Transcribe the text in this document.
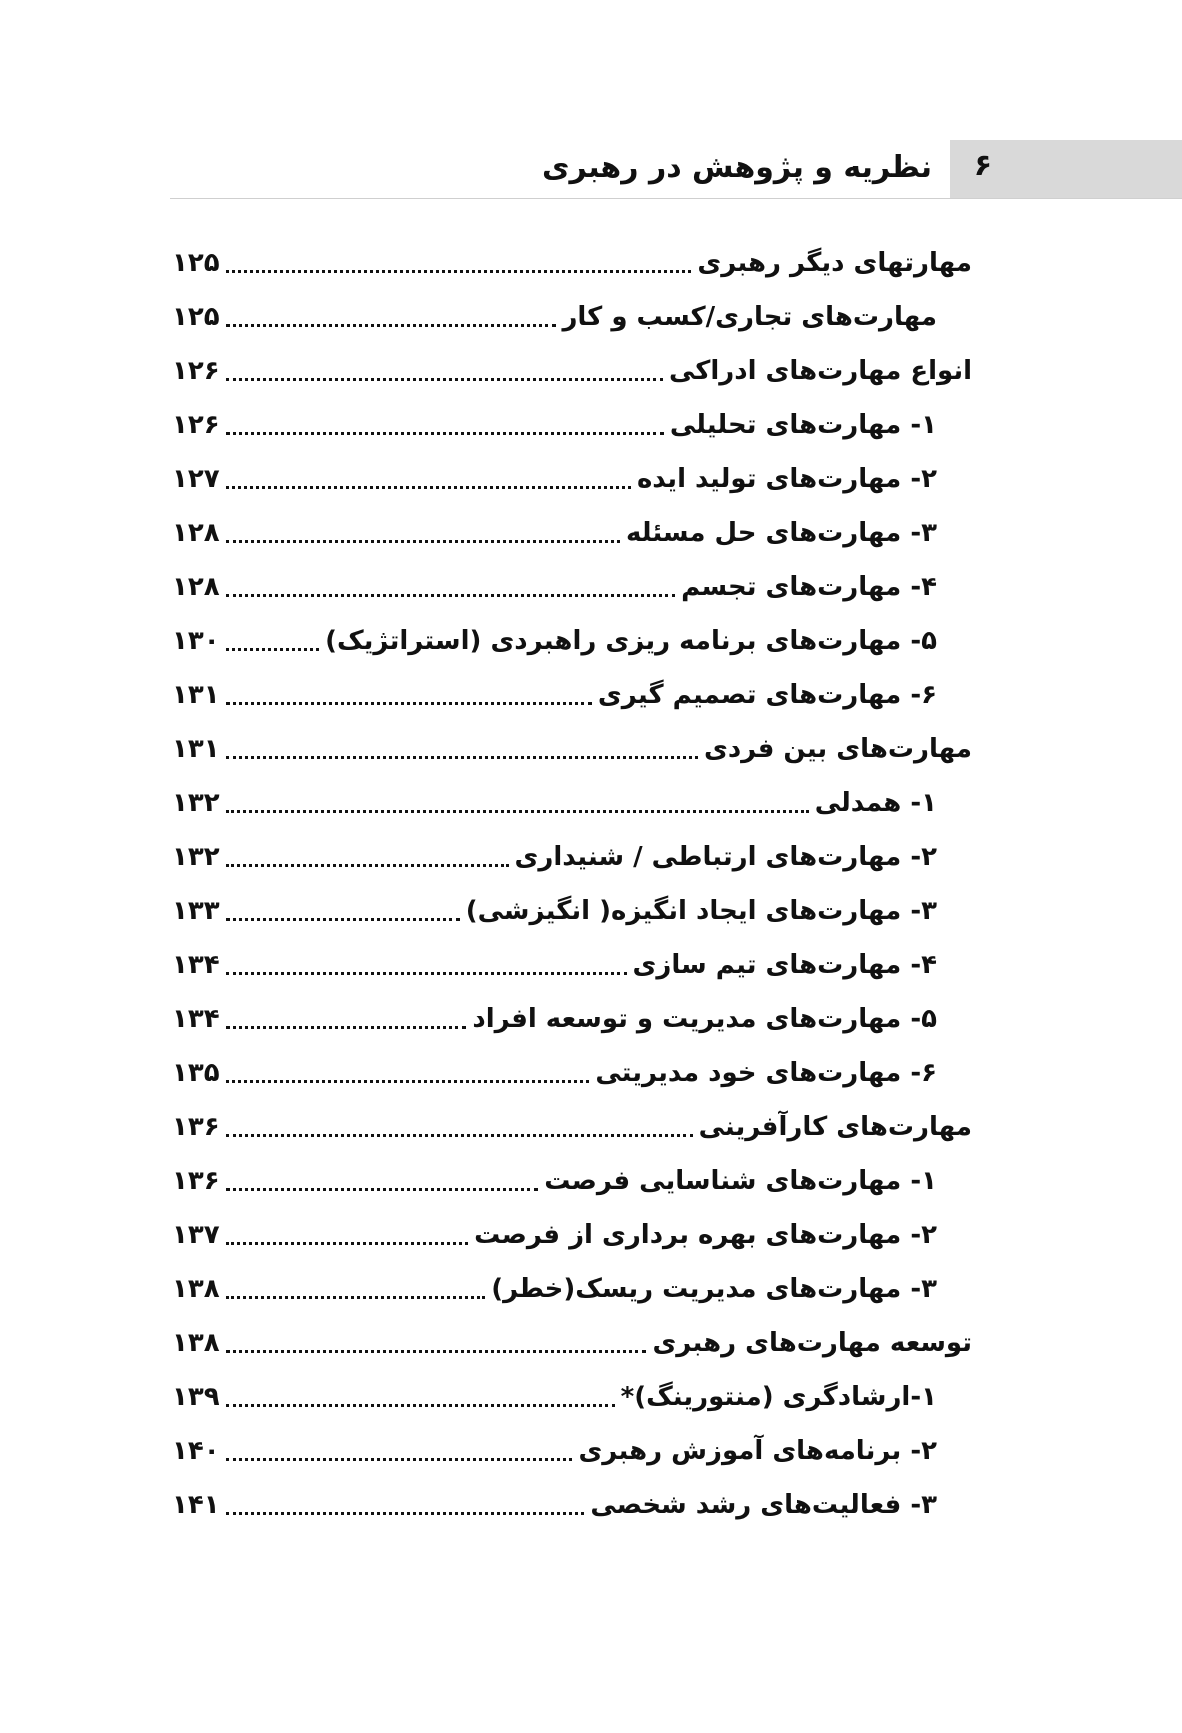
۶
نظریه و پژوهش در رهبری
مهارتهای دیگر رهبری
۱۲۵
مهارت‌های تجاری/کسب و کار
۱۲۵
انواع مهارت‌های ادراکی
۱۲۶
۱- مهارت‌های تحلیلی
۱۲۶
۲- مهارت‌های تولید ایده
۱۲۷
۳- مهارت‌های حل مسئله
۱۲۸
۴- مهارت‌های تجسم
۱۲۸
۵- مهارت‌های برنامه ریزی راهبردی (استراتژیک)
۱۳۰
۶- مهارت‌های تصمیم گیری
۱۳۱
مهارت‌های بین فردی
۱۳۱
۱- همدلی
۱۳۲
۲- مهارت‌های ارتباطی / شنیداری
۱۳۲
۳- مهارت‌های ایجاد انگیزه( انگیزشی)
۱۳۳
۴- مهارت‌های تیم سازی
۱۳۴
۵- مهارت‌های مدیریت و توسعه افراد
۱۳۴
۶- مهارت‌های خود مدیریتی
۱۳۵
مهارت‌های کارآفرینی
۱۳۶
۱- مهارت‌های شناسایی فرصت
۱۳۶
۲- مهارت‌های بهره برداری از فرصت
۱۳۷
۳- مهارت‌های مدیریت ریسک(خطر)
۱۳۸
توسعه مهارت‌های رهبری
۱۳۸
۱-ارشادگری (منتورینگ)*
۱۳۹
۲- برنامه‌های آموزش رهبری
۱۴۰
۳- فعالیت‌های رشد شخصی
۱۴۱
